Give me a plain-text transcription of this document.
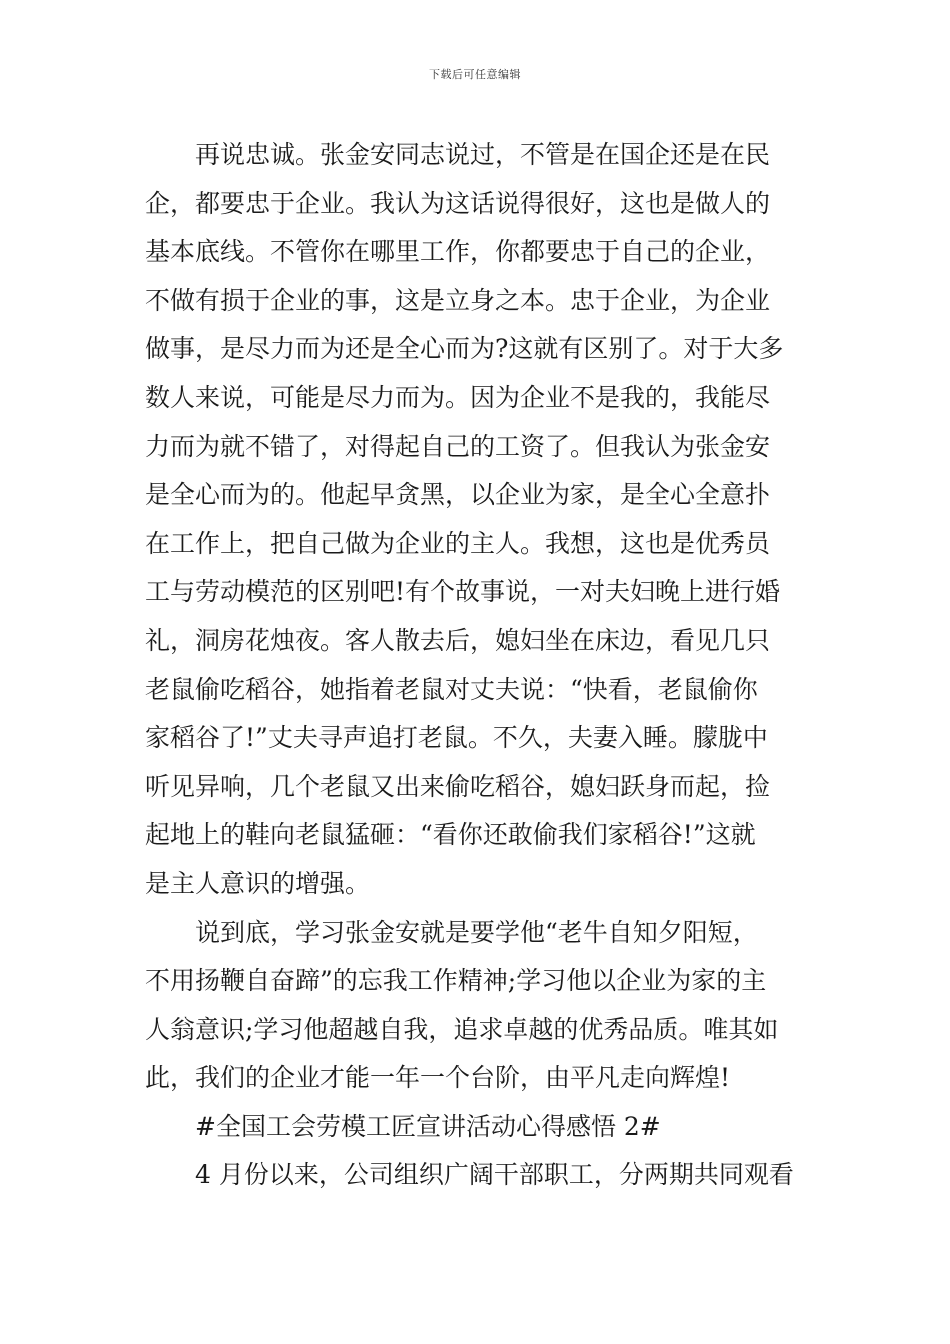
下载后可任意编辑
再说忠诚。张金安同志说过，不管是在国企还是在民
企，都要忠于企业。我认为这话说得很好，这也是做人的
基本底线。不管你在哪里工作，你都要忠于自己的企业，
不做有损于企业的事，这是立身之本。忠于企业，为企业
做事，是尽力而为还是全心而为?这就有区别了。对于大多
数人来说，可能是尽力而为。因为企业不是我的，我能尽
力而为就不错了，对得起自己的工资了。但我认为张金安
是全心而为的。他起早贪黑，以企业为家，是全心全意扑
在工作上，把自己做为企业的主人。我想，这也是优秀员
工与劳动模范的区别吧!有个故事说，一对夫妇晚上进行婚
礼，洞房花烛夜。客人散去后，媳妇坐在床边，看见几只
老鼠偷吃稻谷，她指着老鼠对丈夫说：“快看，老鼠偷你
家稻谷了!”丈夫寻声追打老鼠。不久，夫妻入睡。朦胧中
听见异响，几个老鼠又出来偷吃稻谷，媳妇跃身而起，捡
起地上的鞋向老鼠猛砸：“看你还敢偷我们家稻谷!”这就
是主人意识的增强。
说到底，学习张金安就是要学他“老牛自知夕阳短，
不用扬鞭自奋蹄”的忘我工作精神;学习他以企业为家的主
人翁意识;学习他超越自我，追求卓越的优秀品质。唯其如
此，我们的企业才能一年一个台阶，由平凡走向辉煌!
#全国工会劳模工匠宣讲活动心得感悟 2#
4 月份以来，公司组织广阔干部职工，分两期共同观看
